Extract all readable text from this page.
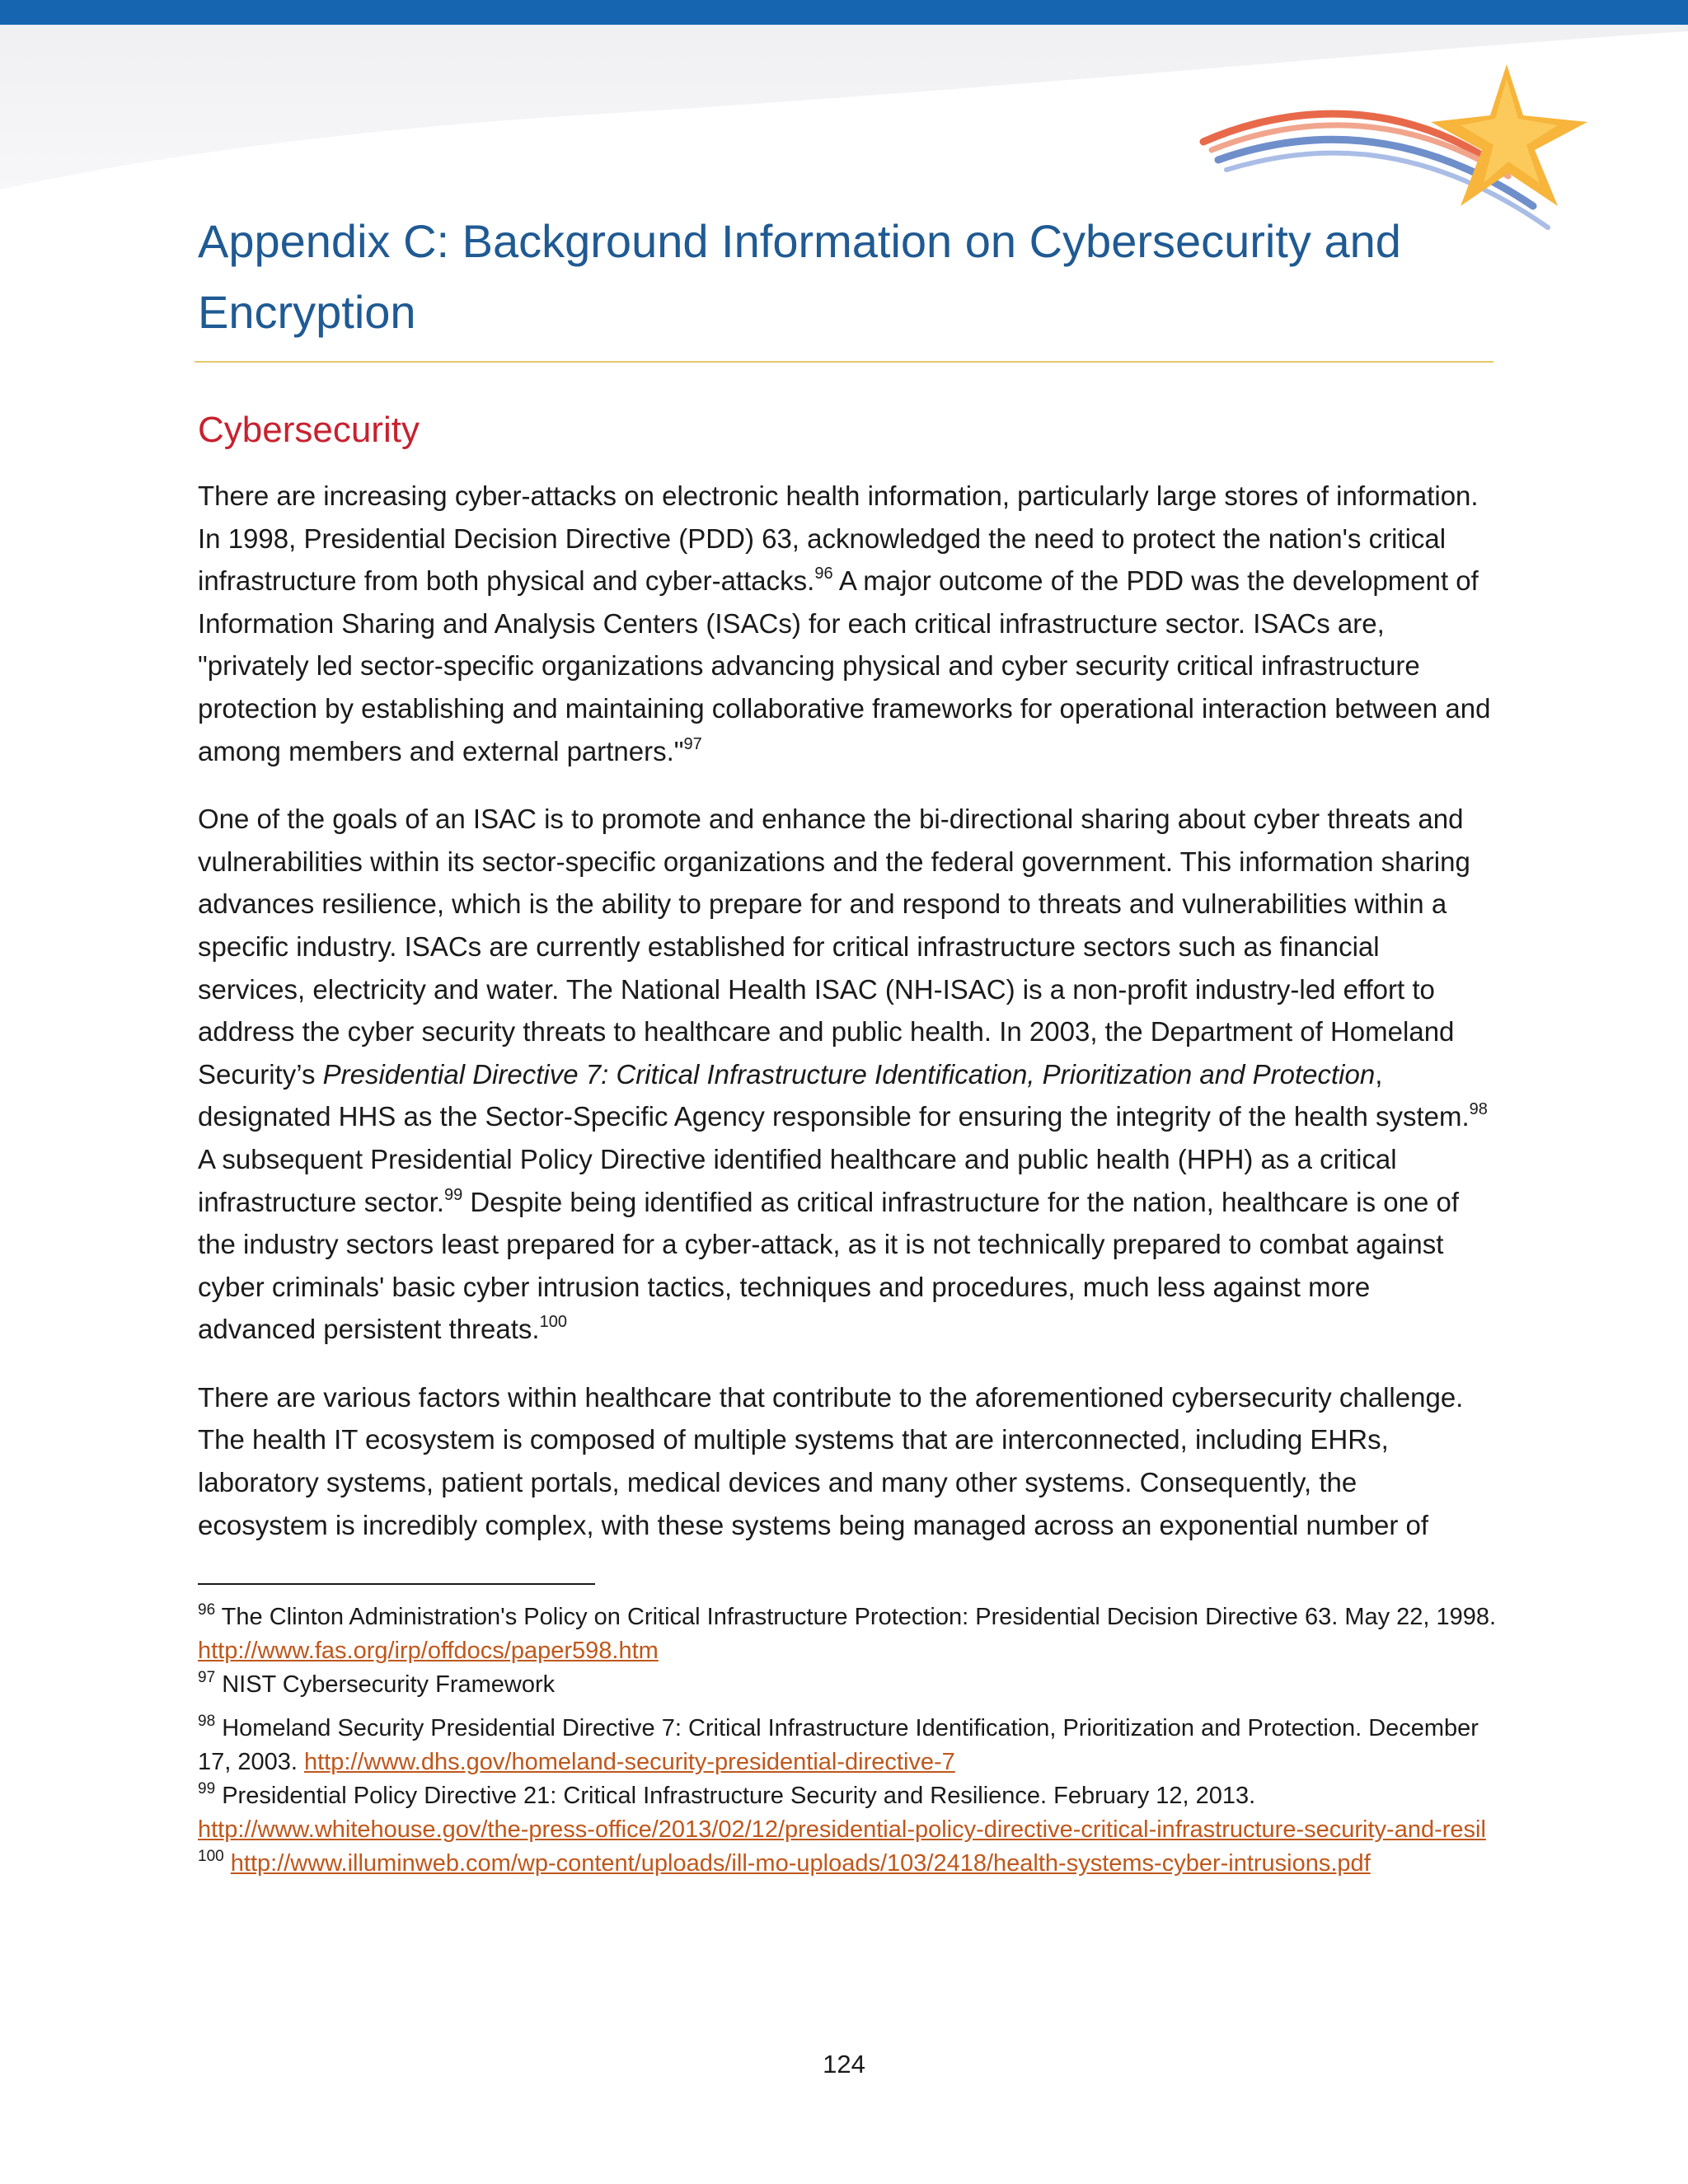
Appendix C: Background Information on Cybersecurity and
Encryption
Cybersecurity

There are increasing cyber-attacks on electronic health information, particularly large stores of information. In 1998, Presidential Decision Directive (PDD) 63, acknowledged the need to protect the nation's critical infrastructure from both physical and cyber-attacks.$^{96}$ A major outcome of the PDD was the development of Information Sharing and Analysis Centers (ISACs) for each critical infrastructure sector. ISACs are, "privately led sector-specific organizations advancing physical and cyber security critical infrastructure protection by establishing and maintaining collaborative frameworks for operational interaction between and among members and external partners."$^{97}$

One of the goals of an ISAC is to promote and enhance the bi-directional sharing about cyber threats and vulnerabilities within its sector-specific organizations and the federal government. This information sharing advances resilience, which is the ability to prepare for and respond to threats and vulnerabilities within a specific industry. ISACs are currently established for critical infrastructure sectors such as financial services, electricity and water. The National Health ISAC (NH-ISAC) is a non-profit industry-led effort to address the cyber security threats to healthcare and public health. In 2003, the Department of Homeland Security’s Presidential Directive 7: Critical Infrastructure Identification, Prioritization and Protection, designated HHS as the Sector-Specific Agency responsible for ensuring the integrity of the health system.$^{98}$ A subsequent Presidential Policy Directive identified healthcare and public health (HPH) as a critical infrastructure sector.$^{99}$ Despite being identified as critical infrastructure for the nation, healthcare is one of the industry sectors least prepared for a cyber-attack, as it is not technically prepared to combat against cyber criminals' basic cyber intrusion tactics, techniques and procedures, much less against more advanced persistent threats.$^{100}$

There are various factors within healthcare that contribute to the aforementioned cybersecurity challenge. The health IT ecosystem is composed of multiple systems that are interconnected, including EHRs, laboratory systems, patient portals, medical devices and many other systems. Consequently, the ecosystem is incredibly complex, with these systems being managed across an exponential number of

$^{96}$ The Clinton Administration's Policy on Critical Infrastructure Protection: Presidential Decision Directive 63. May 22, 1998. http://www.fas.org/irp/offdocs/paper598.htm

$^{97}$ NIST Cybersecurity Framework

$^{98}$ Homeland Security Presidential Directive 7: Critical Infrastructure Identification, Prioritization and Protection. December 17, 2003. http://www.dhs.gov/homeland-security-presidential-directive-7

$^{99}$ Presidential Policy Directive 21: Critical Infrastructure Security and Resilience. February 12, 2013.
http://www.whitehouse.gov/the-press-office/2013/02/12/presidential-policy-directive-critical-infrastructure-security-and-resil

$^{100}$ http://www.illuminweb.com/wp-content/uploads/ill-mo-uploads/103/2418/health-systems-cyber-intrusions.pdf

124
